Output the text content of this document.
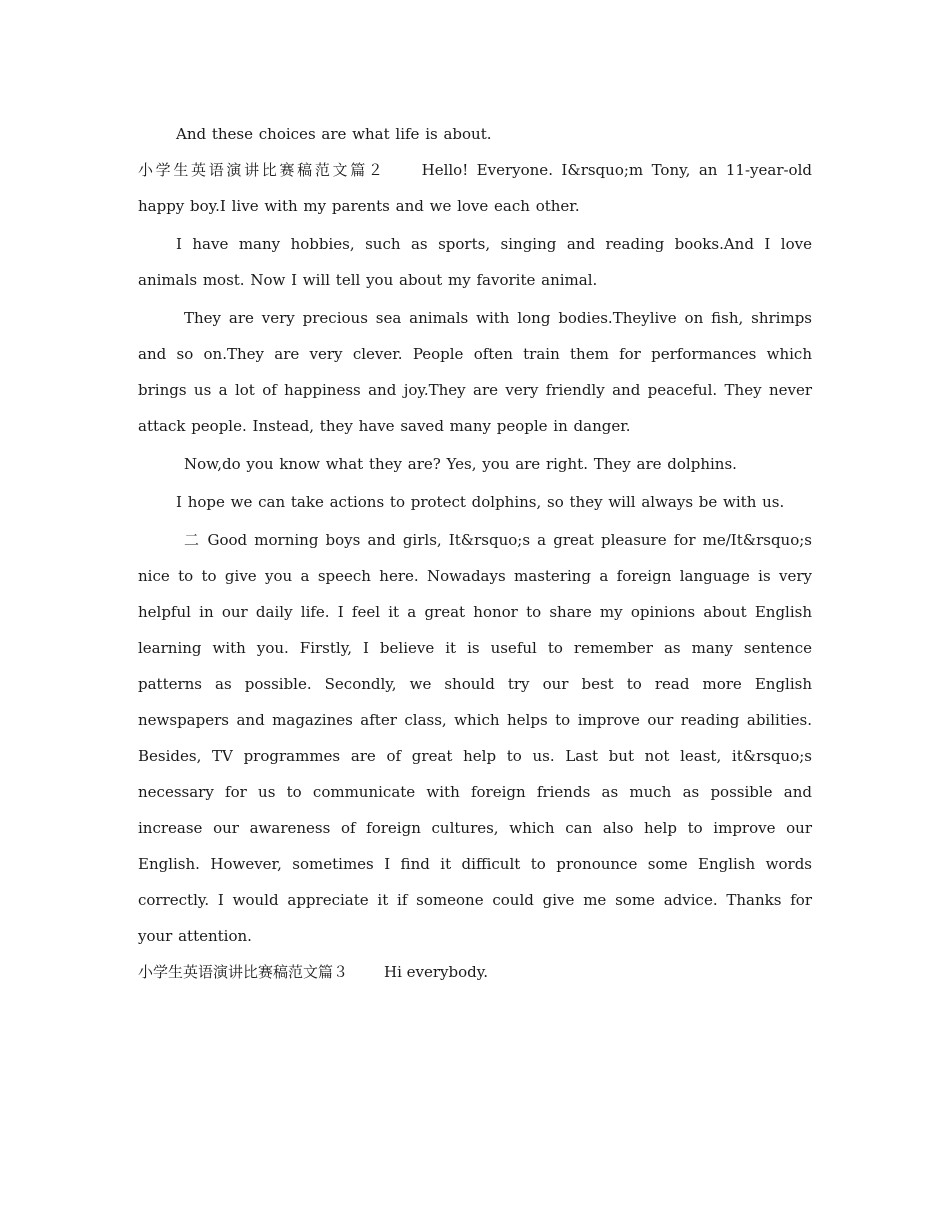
And these choices are what life is about.

小学生英语演讲比赛稿范文篇２ Hello! Everyone. I&rsquo;m Tony, an 11-year-old happy boy.I live with my parents and we love each other.

I have many hobbies, such as sports, singing and reading books.And I love animals most. Now I will tell you about my favorite animal.

They are very precious sea animals with long bodies.Theylive on fish, shrimps and so on.They are very clever. People often train them for performances which brings us a lot of happiness and joy.They are very friendly and peaceful. They never attack people. Instead, they have saved many people in danger.

Now,do you know what they are? Yes, you are right. They are dolphins.

I hope we can take actions to protect dolphins, so they will always be with us.

二 Good morning boys and girls, It&rsquo;s a great pleasure for me/It&rsquo;s nice to to give you a speech here. Nowadays mastering a foreign language is very helpful in our daily life. I feel it a great honor to share my opinions about English learning with you. Firstly, I believe it is useful to remember as many sentence patterns as possible. Secondly, we should try our best to read more English newspapers and magazines after class, which helps to improve our reading abilities. Besides, TV programmes are of great help to us. Last but not least, it&rsquo;s necessary for us to communicate with foreign friends as much as possible and increase our awareness of foreign cultures, which can also help to improve our English. However, sometimes I find it difficult to pronounce some English words correctly. I would appreciate it if someone could give me some advice. Thanks for your attention.

小学生英语演讲比赛稿范文篇３ Hi everybody.
